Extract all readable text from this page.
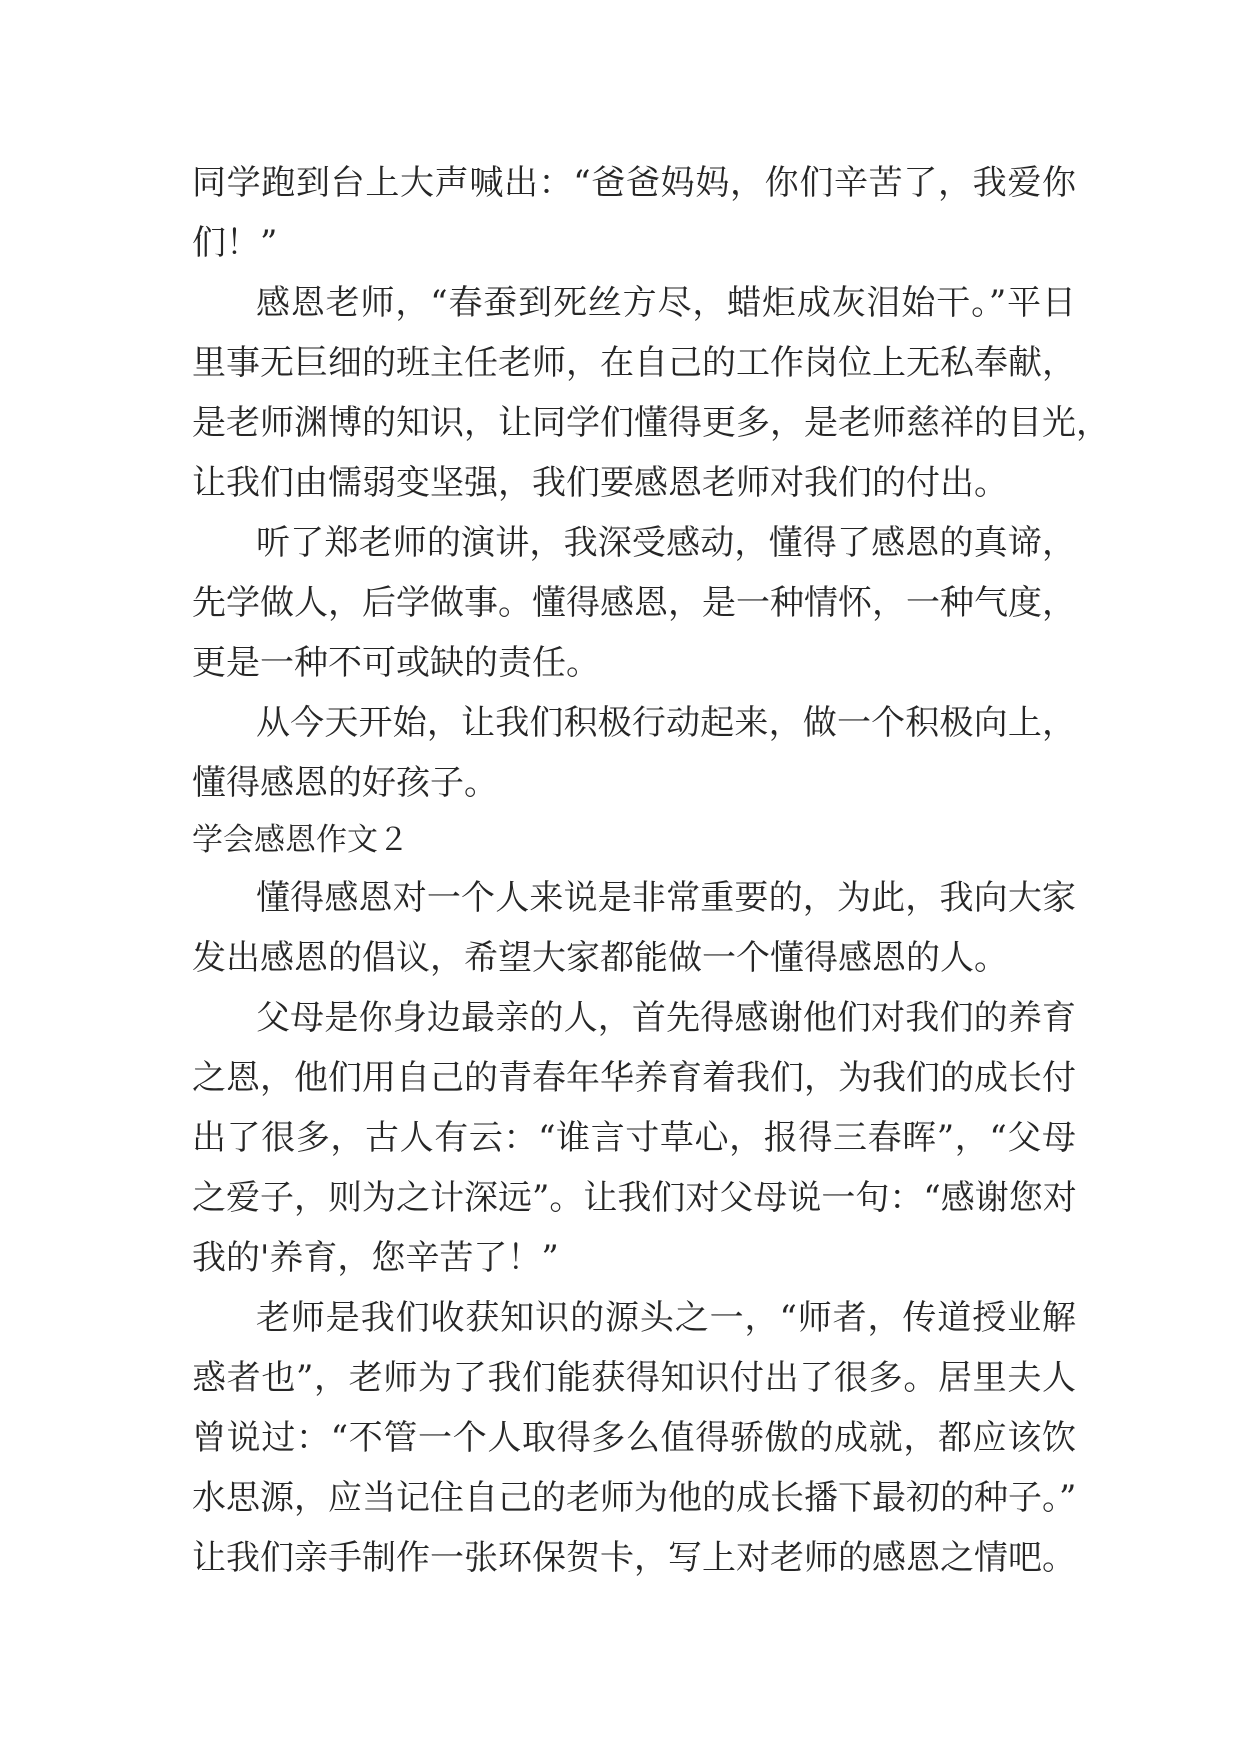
同学跑到台上大声喊出：“爸爸妈妈，你们辛苦了，我爱你
们！”
感恩老师，“春蚕到死丝方尽，蜡炬成灰泪始干。”平日
里事无巨细的班主任老师，在自己的工作岗位上无私奉献，
是老师渊博的知识，让同学们懂得更多，是老师慈祥的目光，
让我们由懦弱变坚强，我们要感恩老师对我们的付出。
听了郑老师的演讲，我深受感动，懂得了感恩的真谛，
先学做人，后学做事。懂得感恩，是一种情怀，一种气度，
更是一种不可或缺的责任。
从今天开始，让我们积极行动起来，做一个积极向上，
懂得感恩的好孩子。
学会感恩作文２
懂得感恩对一个人来说是非常重要的，为此，我向大家
发出感恩的倡议，希望大家都能做一个懂得感恩的人。
父母是你身边最亲的人，首先得感谢他们对我们的养育
之恩，他们用自己的青春年华养育着我们，为我们的成长付
出了很多，古人有云：“谁言寸草心，报得三春晖”，“父母
之爱子，则为之计深远”。让我们对父母说一句：“感谢您对
我的'养育，您辛苦了！”
老师是我们收获知识的源头之一，“师者，传道授业解
惑者也”，老师为了我们能获得知识付出了很多。居里夫人
曾说过：“不管一个人取得多么值得骄傲的成就，都应该饮
水思源，应当记住自己的老师为他的成长播下最初的种子。”
让我们亲手制作一张环保贺卡，写上对老师的感恩之情吧。
